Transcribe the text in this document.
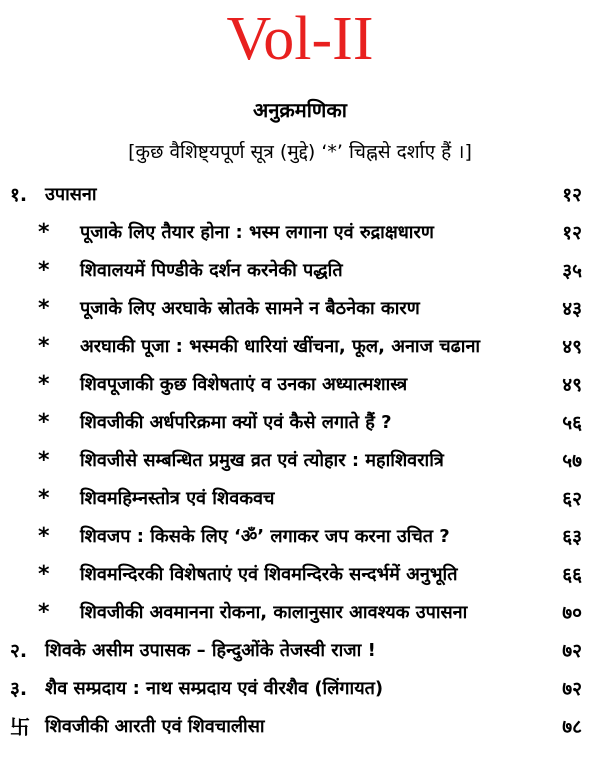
Vol-II
अनुक्रमणिका
[कुछ वैशिष्ट्यपूर्ण सूत्र (मुद्दे) ‘*’ चिह्नसे दर्शाए हैं ।]
१. उपासना	१२
* पूजाके लिए तैयार होना : भस्म लगाना एवं रुद्राक्षधारण	१२
* शिवालयमें पिण्डीके दर्शन करनेकी पद्धति	३५
* पूजाके लिए अरघाके स्रोतके सामने न बैठनेका कारण	४३
* अरघाकी पूजा : भस्मकी धारियां खींचना, फूल, अनाज चढाना	४९
* शिवपूजाकी कुछ विशेषताएं व उनका अध्यात्मशास्त्र	४९
* शिवजीकी अर्धपरिक्रमा क्यों एवं कैसे लगाते हैं ?	५६
* शिवजीसे सम्बन्धित प्रमुख व्रत एवं त्योहार : महाशिवरात्रि	५७
* शिवमहिम्नस्तोत्र एवं शिवकवच	६२
* शिवजप : किसके लिए ‘ॐ’ लगाकर जप करना उचित ?	६३
* शिवमन्दिरकी विशेषताएं एवं शिवमन्दिरके सन्दर्भमें अनुभूति	६६
* शिवजीकी अवमानना रोकना, कालानुसार आवश्यक उपासना	७०
२. शिवके असीम उपासक – हिन्दुओंके तेजस्वी राजा !	७२
३. शैव सम्प्रदाय : नाथ सम्प्रदाय एवं वीरशैव (लिंगायत)	७२
卐 शिवजीकी आरती एवं शिवचालीसा	७८
